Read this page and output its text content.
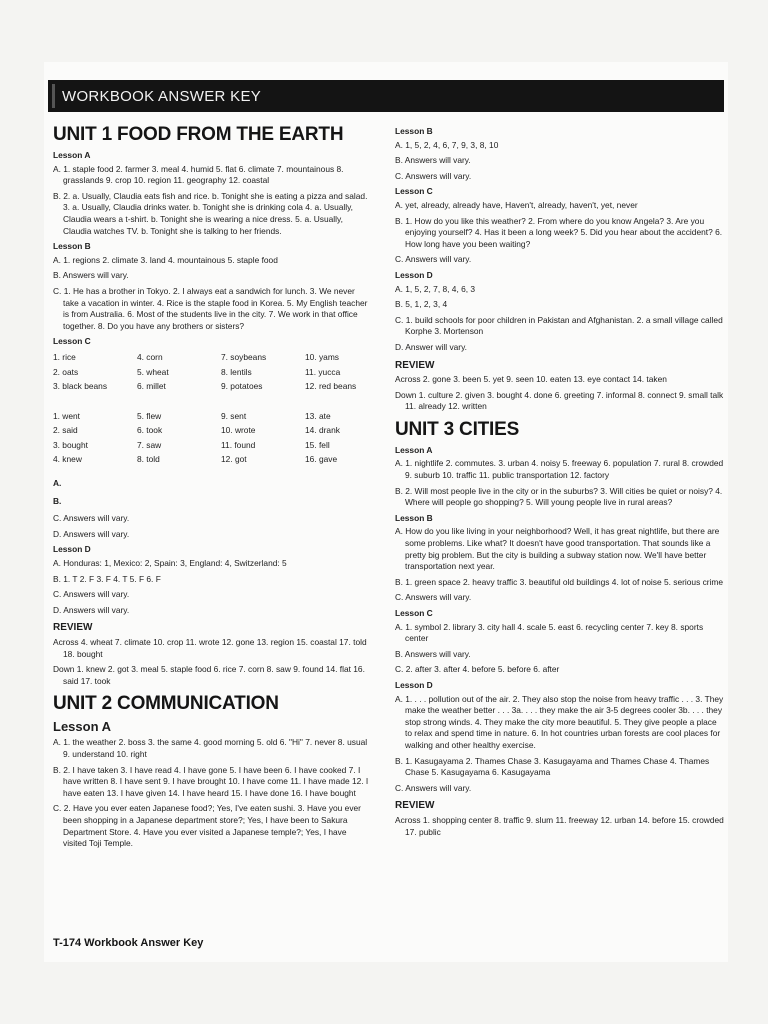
WORKBOOK ANSWER KEY
UNIT 1 FOOD FROM THE EARTH
Lesson A
A. 1. staple food 2. farmer 3. meal 4. humid 5. flat 6. climate 7. mountainous 8. grasslands 9. crop 10. region 11. geography 12. coastal
B. 2. a. Usually, Claudia eats fish and rice. b. Tonight she is eating a pizza and salad. 3. a. Usually, Claudia drinks water. b. Tonight she is drinking cola 4. a. Usually, Claudia wears a t-shirt. b. Tonight she is wearing a nice dress. 5. a. Usually, Claudia watches TV. b. Tonight she is talking to her friends.
Lesson B
A. 1. regions 2. climate 3. land 4. mountainous 5. staple food
B. Answers will vary.
C. 1. He has a brother in Tokyo. 2. I always eat a sandwich for lunch. 3. We never take a vacation in winter. 4. Rice is the staple food in Korea. 5. My English teacher is from Australia. 6. Most of the students live in the city. 7. We work in that office together. 8. Do you have any brothers or sisters?
Lesson C
1. rice	4. corn	7. soybeans	10. yams
2. oats	5. wheat	8. lentils	11. yucca
3. black beans	6. millet	9. potatoes	12. red beans
1. went	5. flew	9. sent	13. ate
2. said	6. took	10. wrote	14. drank
3. bought	7. saw	11. found	15. fell
4. knew	8. told	12. got	16. gave
A.
B.
C. Answers will vary.
D. Answers will vary.
Lesson D
A. Honduras: 1, Mexico: 2, Spain: 3, England: 4, Switzerland: 5
B. 1. T 2. F 3. F 4. T 5. F 6. F
C. Answers will vary.
D. Answers will vary.
REVIEW
Across 4. wheat 7. climate 10. crop 11. wrote 12. gone 13. region 15. coastal 17. told 18. bought
Down 1. knew 2. got 3. meal 5. staple food 6. rice 7. corn 8. saw 9. found 14. flat 16. said 17. took
UNIT 2 COMMUNICATION
Lesson A
A. 1. the weather 2. boss 3. the same 4. good morning 5. old 6. "Hi" 7. never 8. usual 9. understand 10. right
B. 2. I have taken 3. I have read 4. I have gone 5. I have been 6. I have cooked 7. I have written 8. I have sent 9. I have brought 10. I have come 11. I have made 12. I have eaten 13. I have given 14. I have heard 15. I have done 16. I have bought
C. 2. Have you ever eaten Japanese food?; Yes, I've eaten sushi. 3. Have you ever been shopping in a Japanese department store?; Yes, I have been to Sakura Department Store. 4. Have you ever visited a Japanese temple?; Yes, I have visited Toji Temple.
Lesson B
A. 1, 5, 2, 4, 6, 7, 9, 3, 8, 10
B. Answers will vary.
C. Answers will vary.
Lesson C
A. yet, already, already have, Haven't, already, haven't, yet, never
B. 1. How do you like this weather? 2. From where do you know Angela? 3. Are you enjoying yourself? 4. Has it been a long week? 5. Did you hear about the accident? 6. How long have you been waiting?
C. Answers will vary.
Lesson D
A. 1, 5, 2, 7, 8, 4, 6, 3
B. 5, 1, 2, 3, 4
C. 1. build schools for poor children in Pakistan and Afghanistan. 2. a small village called Korphe 3. Mortenson
D. Answer will vary.
REVIEW
Across 2. gone 3. been 5. yet 9. seen 10. eaten 13. eye contact 14. taken
Down 1. culture 2. given 3. bought 4. done 6. greeting 7. informal 8. connect 9. small talk 11. already 12. written
UNIT 3 CITIES
Lesson A
A. 1. nightlife 2. commutes. 3. urban 4. noisy 5. freeway 6. population 7. rural 8. crowded 9. suburb 10. traffic 11. public transportation 12. factory
B. 2. Will most people live in the city or in the suburbs? 3. Will cities be quiet or noisy? 4. Where will people go shopping? 5. Will young people live in rural areas?
Lesson B
A. How do you like living in your neighborhood? Well, it has great nightlife, but there are some problems. Like what? It doesn't have good transportation. That sounds like a pretty big problem. But the city is building a subway station now. We'll have better transportation next year.
B. 1. green space 2. heavy traffic 3. beautiful old buildings 4. lot of noise 5. serious crime
C. Answers will vary.
Lesson C
A. 1. symbol 2. library 3. city hall 4. scale 5. east 6. recycling center 7. key 8. sports center
B. Answers will vary.
C. 2. after 3. after 4. before 5. before 6. after
Lesson D
A. 1. . . . pollution out of the air. 2. They also stop the noise from heavy traffic . . . 3. They make the weather better . . . 3a. . . . they make the air 3-5 degrees cooler 3b. . . . they stop strong winds. 4. They make the city more beautiful. 5. They give people a place to relax and spend time in nature. 6. In hot countries urban forests are cool places for walking and other healthy exercise.
B. 1. Kasugayama 2. Thames Chase 3. Kasugayama and Thames Chase 4. Thames Chase 5. Kasugayama 6. Kasugayama
C. Answers will vary.
REVIEW
Across 1. shopping center 8. traffic 9. slum 11. freeway 12. urban 14. before 15. crowded 17. public
T-174 Workbook Answer Key
